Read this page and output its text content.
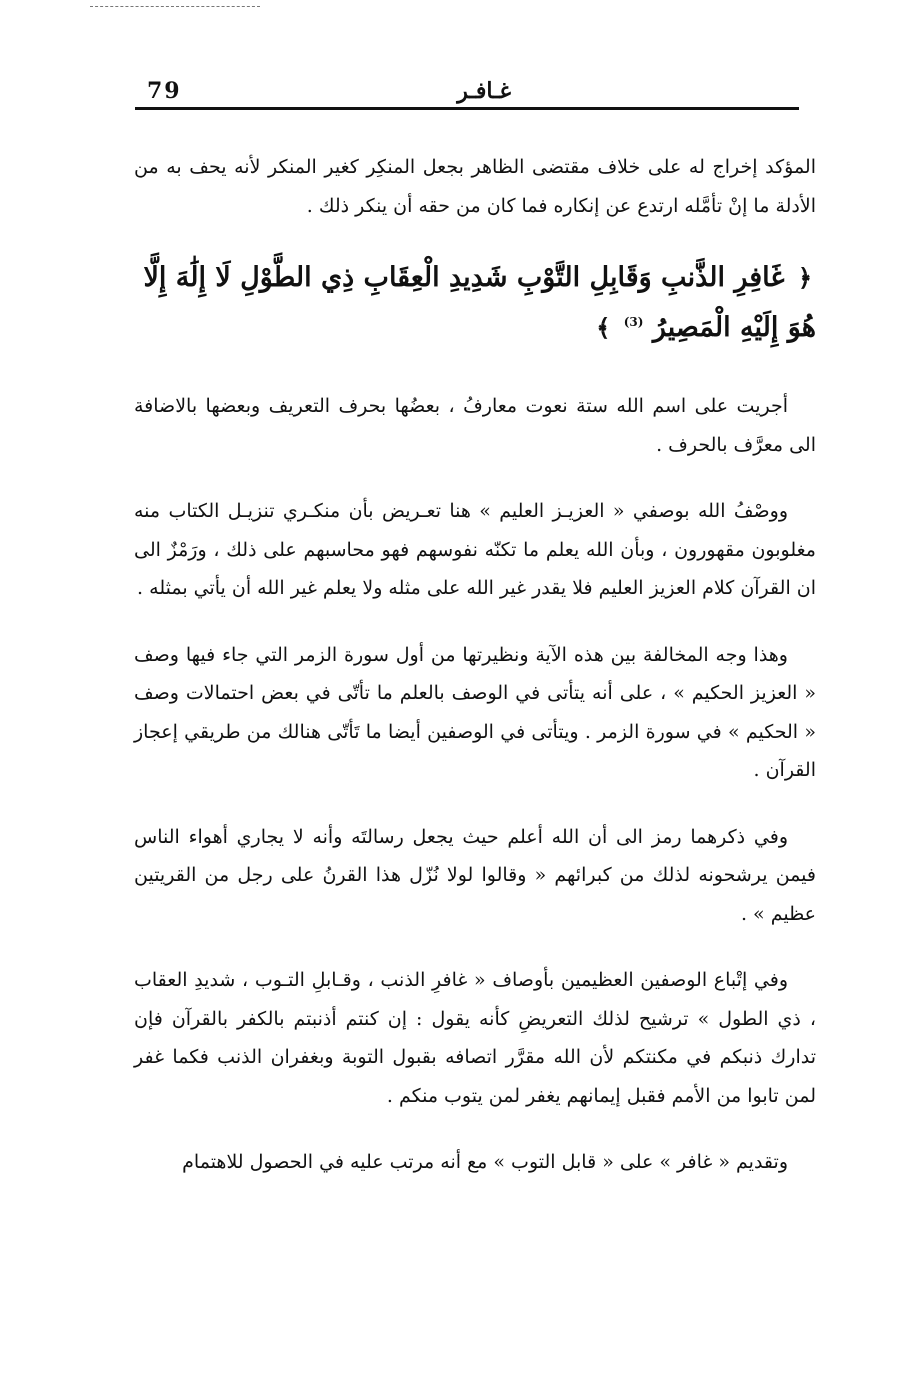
79	غـافـر

المؤكد إخراج له على خلاف مقتضى الظاهر بجعل المنكِر كغير المنكر لأنه يحف به من الأدلة ما إنْ تأمَّله ارتدع عن إنكاره فما كان من حقه أن ينكر ذلك .

﴿ غَافِرِ الذَّنبِ وَقَابِلِ التَّوْبِ شَدِيدِ الْعِقَابِ ذِي الطَّوْلِ لَا إِلَٰهَ إِلَّا هُوَ إِلَيْهِ الْمَصِيرُ $^{(3)}$ ﴾

أجريت على اسم الله ستة نعوت معارفُ ، بعضُها بحرف التعريف وبعضها بالاضافة الى معرَّف بالحرف .

ووصْفُ الله بوصفي « العزيـز العليم » هنا تعـريض بأن منكـري تنزيـل الكتاب منه مغلوبون مقهورون ، وبأن الله يعلم ما تكنّه نفوسهم فهو محاسبهم على ذلك ، ورَمْزٌ الى ان القرآن كلام العزيز العليم فلا يقدر غير الله على مثله ولا يعلم غير الله أن يأتي بمثله .

وهذا وجه المخالفة بين هذه الآية ونظيرتها من أول سورة الزمر التي جاء فيها وصف « العزيز الحكيم » ، على أنه يتأتى في الوصف بالعلم ما تأتّى في بعض احتمالات وصف « الحكيم » في سورة الزمر . ويتأتى في الوصفين أيضا ما تَأتّى هنالك من طريقي إعجاز القرآن .

وفي ذكرهما رمز الى أن الله أعلم حيث يجعل رسالتَه وأنه لا يجاري أهواء الناس فيمن يرشحونه لذلك من كبرائهم « وقالوا لولا نُزّل هذا القرنُ على رجل من القريتين عظيم » .

وفي إتْباع الوصفين العظيمين بأوصاف « غافرِ الذنب ، وقـابلِ التـوب ، شديدِ العقاب ، ذي الطول » ترشيح لذلك التعريضِ كأنه يقول : إن كنتم أذنبتم بالكفر بالقرآن فإن تدارك ذنبكم في مكنتكم لأن الله مقرَّر اتصافه بقبول التوبة وبغفران الذنب فكما غفر لمن تابوا من الأمم فقبل إيمانهم يغفر لمن يتوب منكم .

وتقديم « غافر » على « قابل التوب » مع أنه مرتب عليه في الحصول للاهتمام
